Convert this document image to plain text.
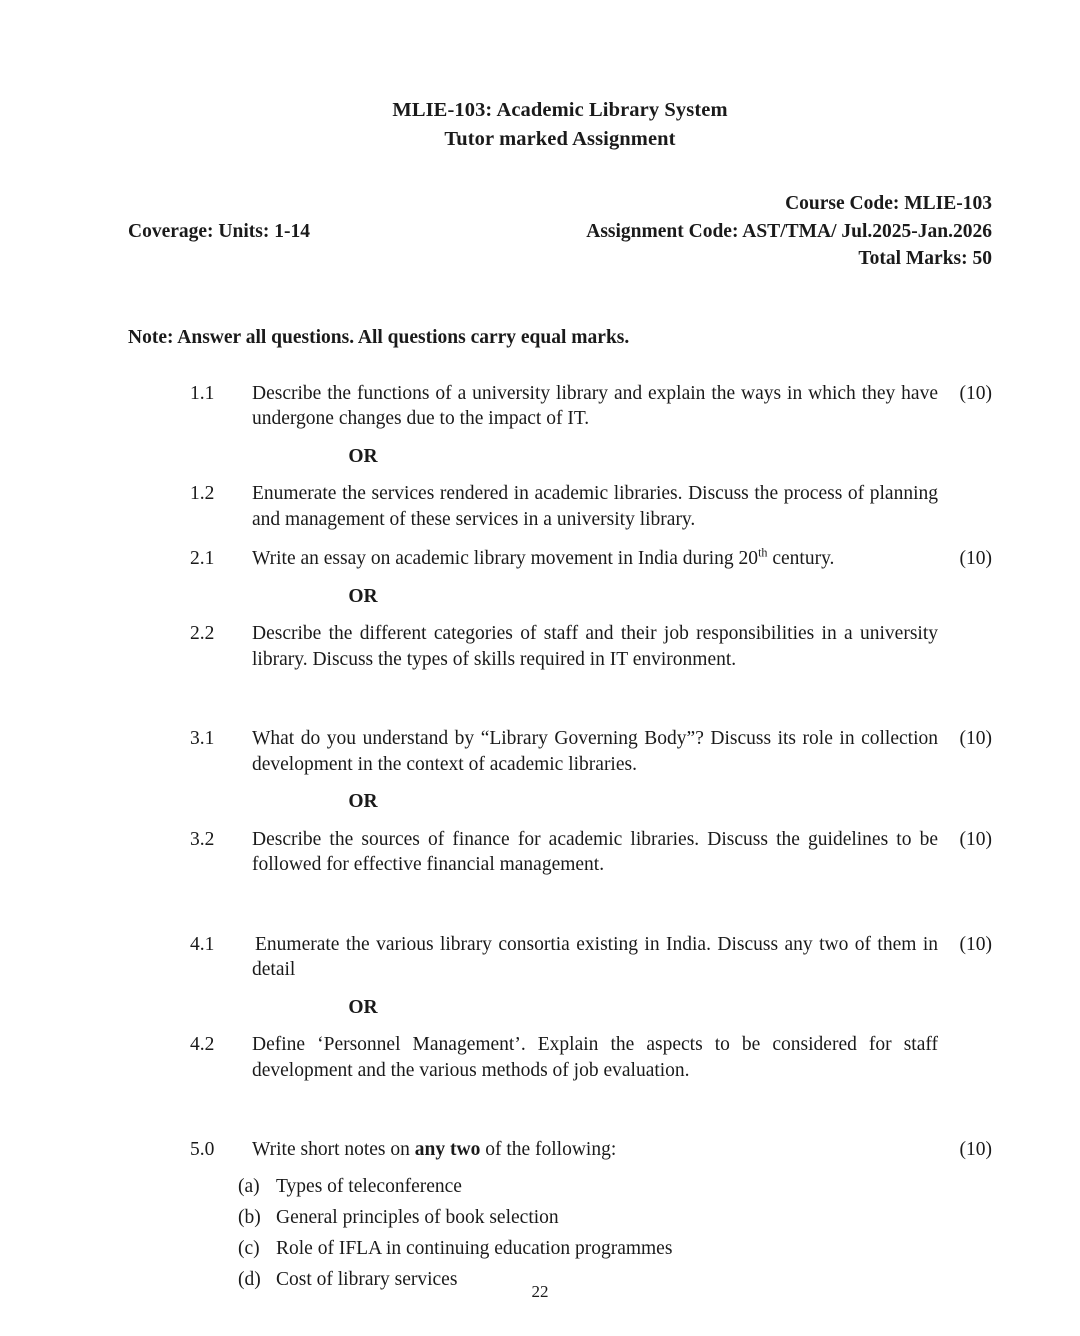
MLIE-103: Academic Library System
Tutor marked Assignment
Course Code: MLIE-103
Coverage: Units: 1-14	Assignment Code: AST/TMA/ Jul.2025-Jan.2026
Total Marks: 50
Note: Answer all questions. All questions carry equal marks.
1.1	Describe the functions of a university library and explain the ways in which they have undergone changes due to the impact of IT.
(10)
OR
1.2	Enumerate the services rendered in academic libraries. Discuss the process of planning and management of these services in a university library.
2.1	Write an essay on academic library movement in India during 20th century.	(10)
OR
2.2	Describe the different categories of staff and their job responsibilities in a university library. Discuss the types of skills required in IT environment.
3.1	What do you understand by “Library Governing Body”? Discuss its role in collection development in the context of academic libraries.
(10)
OR
3.2	Describe the sources of finance for academic libraries. Discuss the guidelines to be followed for effective financial management.
(10)
4.1	Enumerate the various library consortia existing in India. Discuss any two of them in detail
(10)
OR
4.2	Define ‘Personnel Management’. Explain the aspects to be considered for staff development and the various methods of job evaluation.
5.0	Write short notes on any two of the following:	(10)
(a) Types of teleconference
(b) General principles of book selection
(c) Role of IFLA in continuing education programmes
(d) Cost of library services
22
